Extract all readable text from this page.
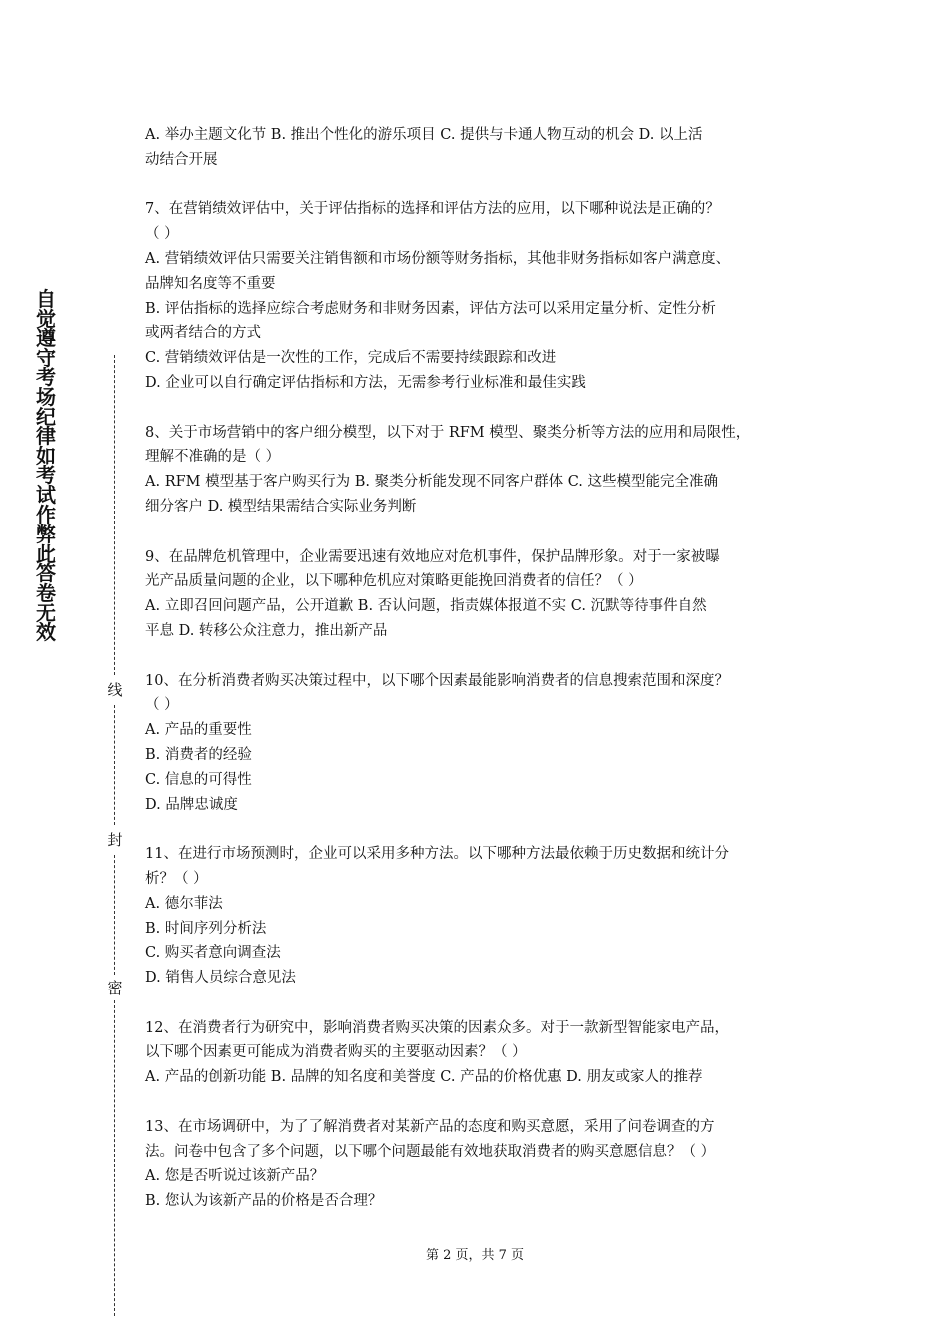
自
觉
遵
守
考
场
纪
律
如
考
试
作
弊
此
答
卷
无
效
线
封
密
A. 举办主题文化节 B. 推出个性化的游乐项目 C. 提供与卡通人物互动的机会 D. 以上活
动结合开展
7、在营销绩效评估中，关于评估指标的选择和评估方法的应用，以下哪种说法是正确的？
（ ）
A. 营销绩效评估只需要关注销售额和市场份额等财务指标，其他非财务指标如客户满意度、
品牌知名度等不重要
B. 评估指标的选择应综合考虑财务和非财务因素，评估方法可以采用定量分析、定性分析
或两者结合的方式
C. 营销绩效评估是一次性的工作，完成后不需要持续跟踪和改进
D. 企业可以自行确定评估指标和方法，无需参考行业标准和最佳实践
8、关于市场营销中的客户细分模型，以下对于 RFM 模型、聚类分析等方法的应用和局限性，
理解不准确的是（ ）
A. RFM 模型基于客户购买行为 B. 聚类分析能发现不同客户群体 C. 这些模型能完全准确
细分客户 D. 模型结果需结合实际业务判断
9、在品牌危机管理中，企业需要迅速有效地应对危机事件，保护品牌形象。对于一家被曝
光产品质量问题的企业，以下哪种危机应对策略更能挽回消费者的信任？（ ）
A. 立即召回问题产品，公开道歉 B. 否认问题，指责媒体报道不实 C. 沉默等待事件自然
平息 D. 转移公众注意力，推出新产品
10、在分析消费者购买决策过程中，以下哪个因素最能影响消费者的信息搜索范围和深度？
（ ）
A. 产品的重要性
B. 消费者的经验
C. 信息的可得性
D. 品牌忠诚度
11、在进行市场预测时，企业可以采用多种方法。以下哪种方法最依赖于历史数据和统计分
析？（ ）
A. 德尔菲法
B. 时间序列分析法
C. 购买者意向调查法
D. 销售人员综合意见法
12、在消费者行为研究中，影响消费者购买决策的因素众多。对于一款新型智能家电产品，
以下哪个因素更可能成为消费者购买的主要驱动因素？（ ）
A. 产品的创新功能 B. 品牌的知名度和美誉度 C. 产品的价格优惠 D. 朋友或家人的推荐
13、在市场调研中，为了了解消费者对某新产品的态度和购买意愿，采用了问卷调查的方
法。问卷中包含了多个问题，以下哪个问题最能有效地获取消费者的购买意愿信息？（ ）
A. 您是否听说过该新产品？
B. 您认为该新产品的价格是否合理？
第 2 页，共 7 页
